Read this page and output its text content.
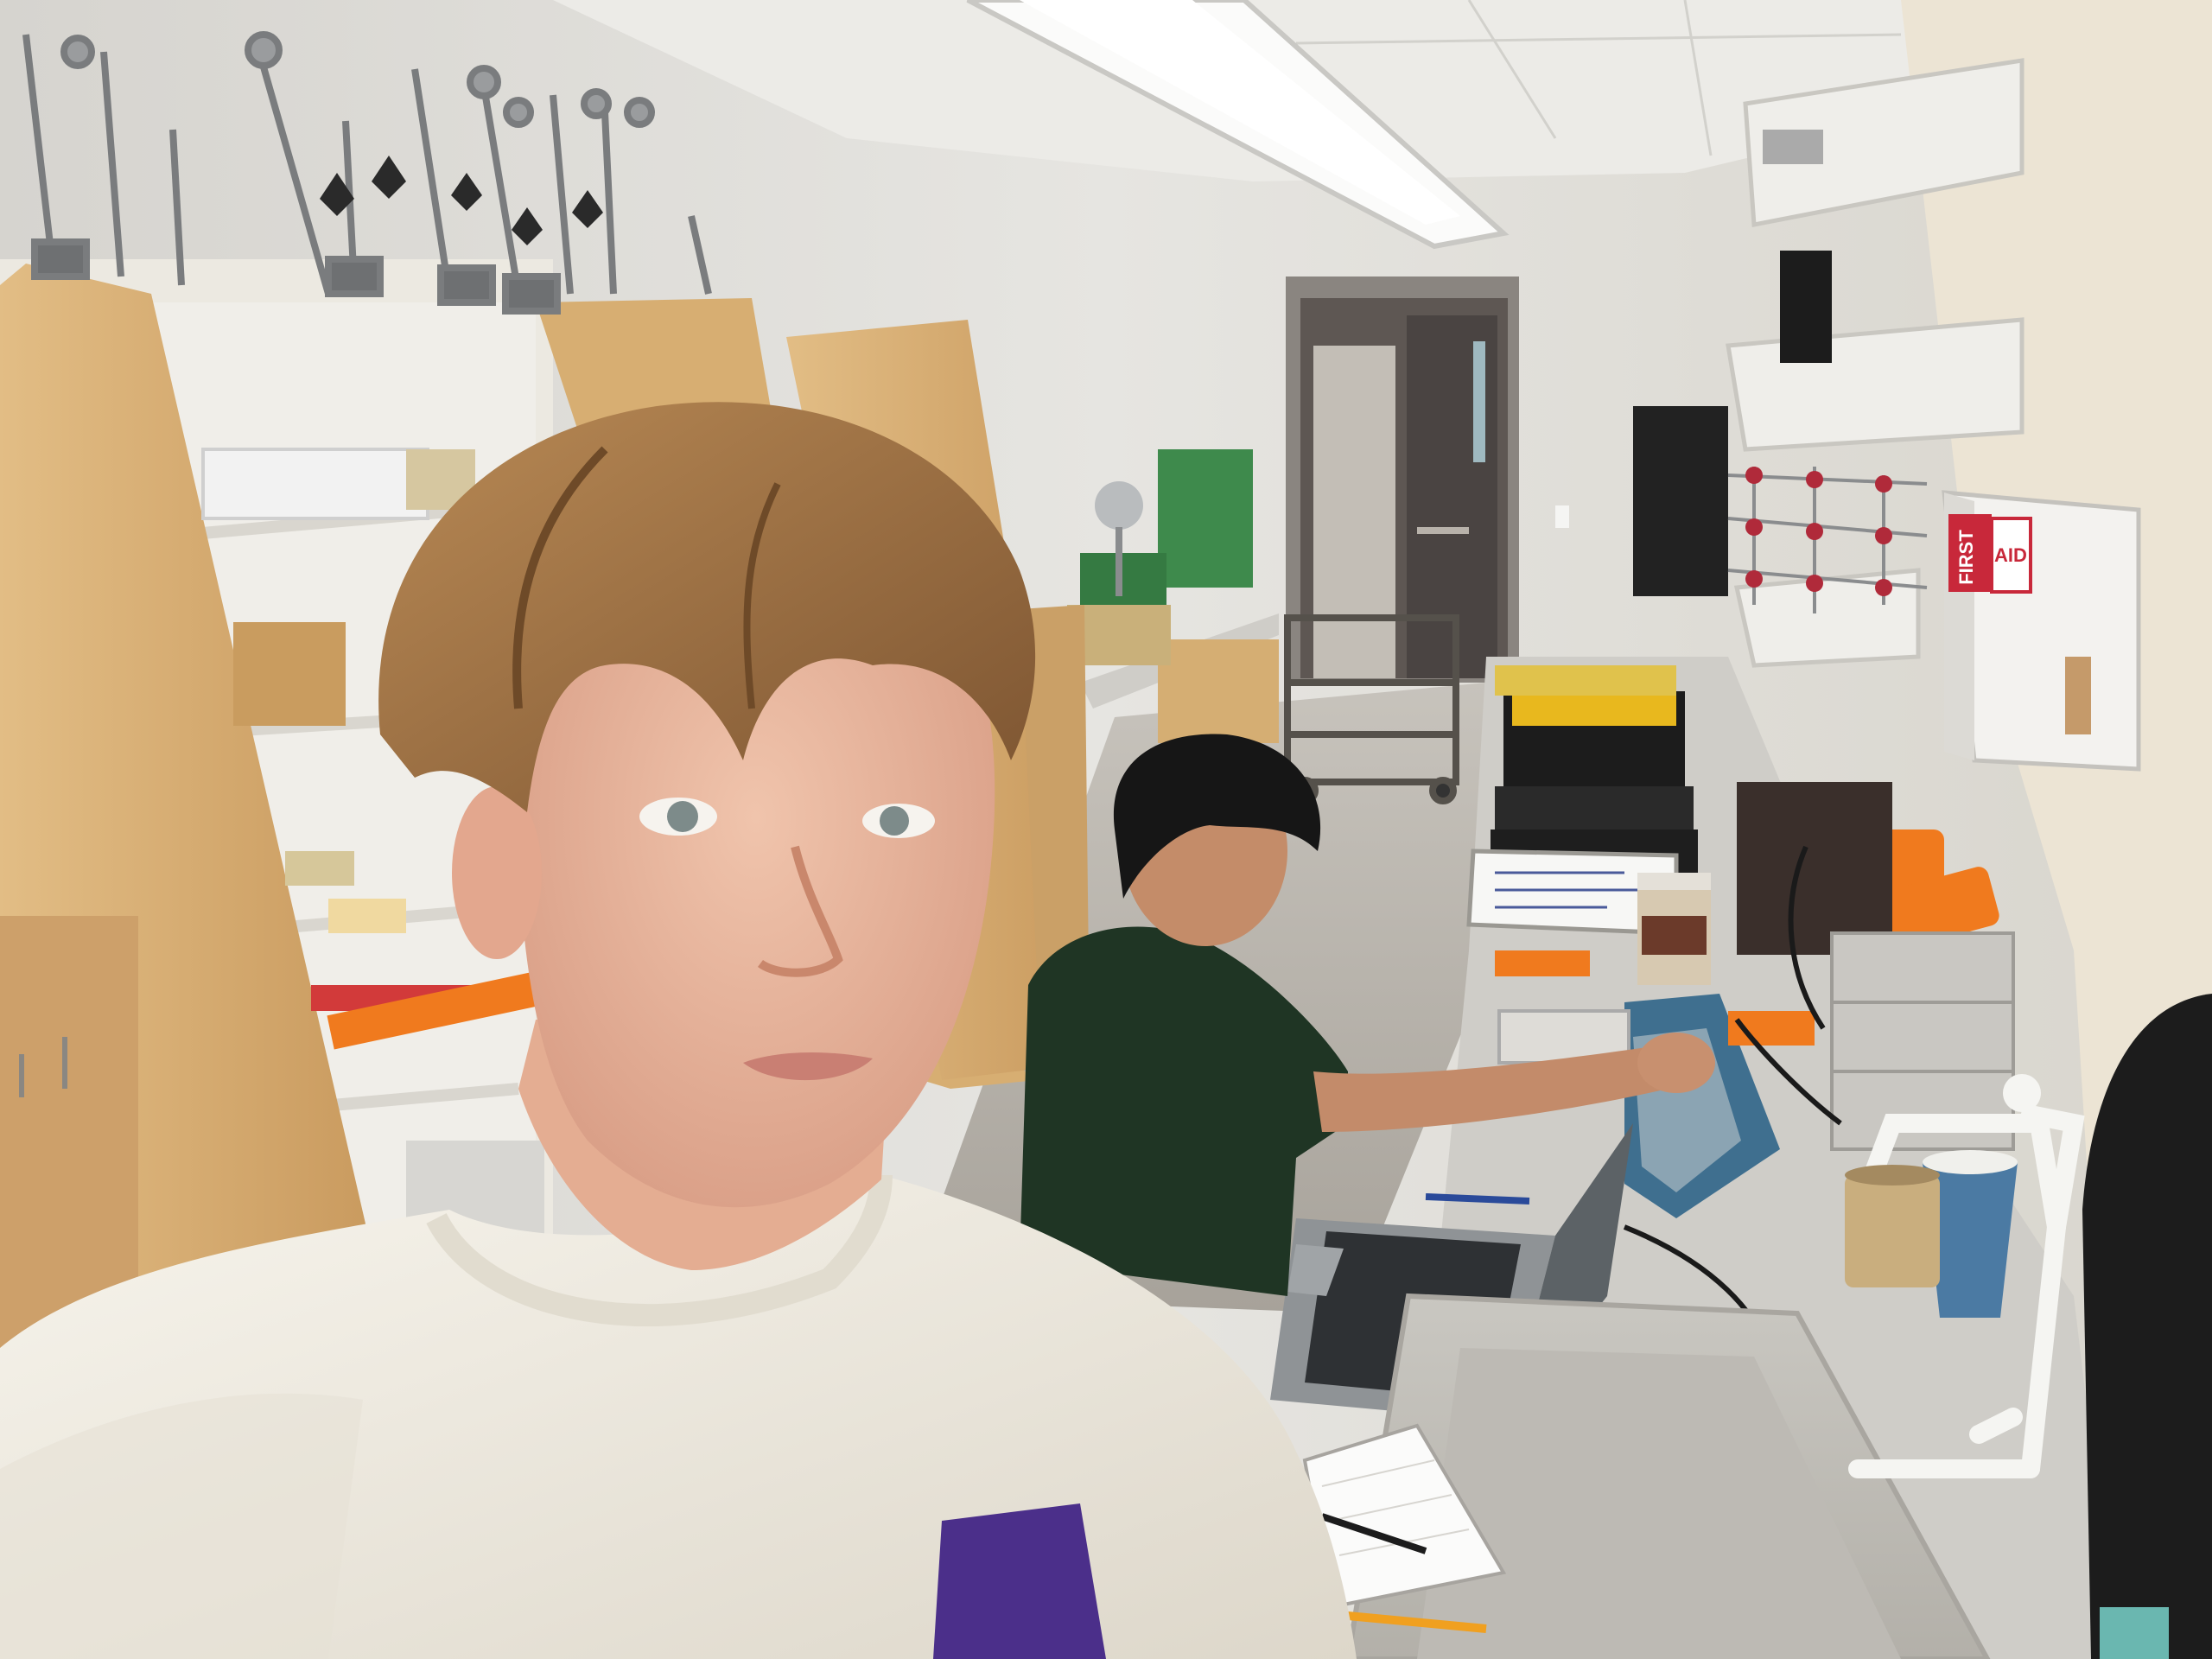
FIRST AID
